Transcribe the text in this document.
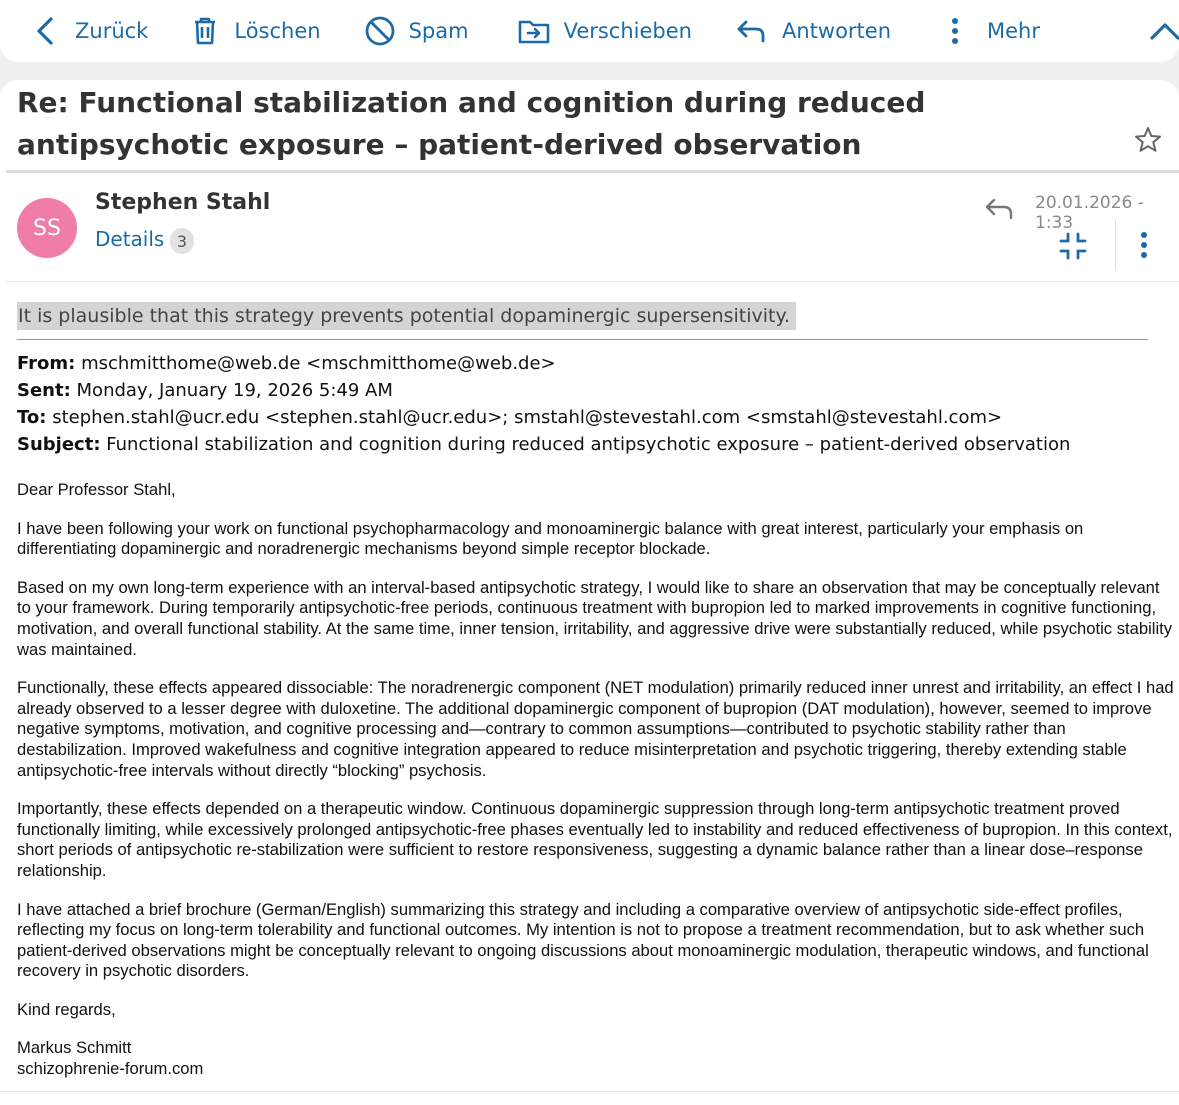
Zurück	Löschen	Spam	Verschieben	Antworten	Mehr
Re: Functional stabilization and cognition during reduced antipsychotic exposure – patient-derived observation
SS
Stephen Stahl
Details 3
20.01.2026 - 1:33
It is plausible that this strategy prevents potential dopaminergic supersensitivity.
From: mschmitthome@web.de <mschmitthome@web.de>
Sent: Monday, January 19, 2026 5:49 AM
To: stephen.stahl@ucr.edu <stephen.stahl@ucr.edu>; smstahl@stevestahl.com <smstahl@stevestahl.com>
Subject: Functional stabilization and cognition during reduced antipsychotic exposure – patient-derived observation

Dear Professor Stahl,

I have been following your work on functional psychopharmacology and monoaminergic balance with great interest, particularly your emphasis on differentiating dopaminergic and noradrenergic mechanisms beyond simple receptor blockade.

Based on my own long-term experience with an interval-based antipsychotic strategy, I would like to share an observation that may be conceptually relevant to your framework. During temporarily antipsychotic-free periods, continuous treatment with bupropion led to marked improvements in cognitive functioning, motivation, and overall functional stability. At the same time, inner tension, irritability, and aggressive drive were substantially reduced, while psychotic stability was maintained.

Functionally, these effects appeared dissociable: The noradrenergic component (NET modulation) primarily reduced inner unrest and irritability, an effect I had already observed to a lesser degree with duloxetine. The additional dopaminergic component of bupropion (DAT modulation), however, seemed to improve negative symptoms, motivation, and cognitive processing and—contrary to common assumptions—contributed to psychotic stability rather than destabilization. Improved wakefulness and cognitive integration appeared to reduce misinterpretation and psychotic triggering, thereby extending stable antipsychotic-free intervals without directly “blocking” psychosis.

Importantly, these effects depended on a therapeutic window. Continuous dopaminergic suppression through long-term antipsychotic treatment proved functionally limiting, while excessively prolonged antipsychotic-free phases eventually led to instability and reduced effectiveness of bupropion. In this context, short periods of antipsychotic re-stabilization were sufficient to restore responsiveness, suggesting a dynamic balance rather than a linear dose–response relationship.

I have attached a brief brochure (German/English) summarizing this strategy and including a comparative overview of antipsychotic side-effect profiles, reflecting my focus on long-term tolerability and functional outcomes. My intention is not to propose a treatment recommendation, but to ask whether such patient-derived observations might be conceptually relevant to ongoing discussions about monoaminergic modulation, therapeutic windows, and functional recovery in psychotic disorders.

Kind regards,

Markus Schmitt
schizophrenie-forum.com
